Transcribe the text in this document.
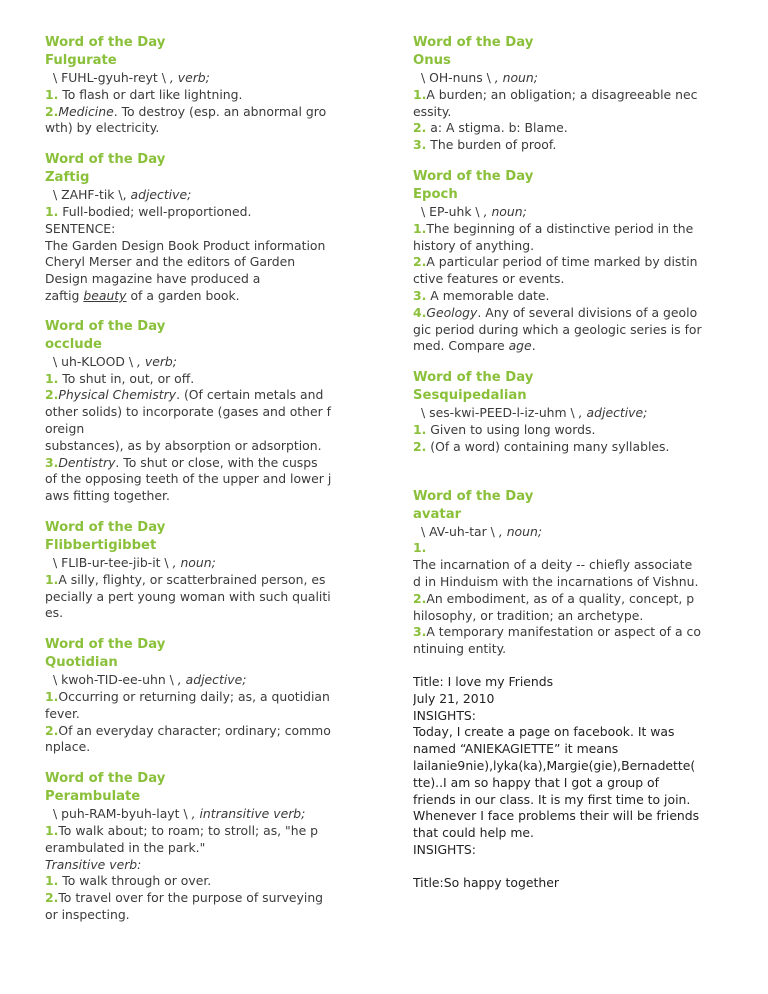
Word of the Day
Fulgurate
\ FUHL-gyuh-reyt \ , verb;
1. To flash or dart like lightning.
2.Medicine. To destroy (esp. an abnormal gro
wth) by electricity.
Word of the Day
Zaftig
\ ZAHF-tik \, adjective;
1. Full-bodied; well-proportioned.
SENTENCE:
The Garden Design Book Product information
Cheryl Merser and the editors of Garden
Design magazine have produced a
zaftig beauty of a garden book.
Word of the Day
occlude
\ uh-KLOOD \ , verb;
1. To shut in, out, or off.
2.Physical Chemistry. (Of certain metals and
other solids) to incorporate (gases and other f
oreign
substances), as by absorption or adsorption.
3.Dentistry. To shut or close, with the cusps
of the opposing teeth of the upper and lower j
aws fitting together.
Word of the Day
Flibbertigibbet
\ FLIB-ur-tee-jib-it \ , noun;
1.A silly, flighty, or scatterbrained person, es
pecially a pert young woman with such qualiti
es.
Word of the Day
Quotidian
\ kwoh-TID-ee-uhn \ , adjective;
1.Occurring or returning daily; as, a quotidian
fever.
2.Of an everyday character; ordinary; commo
nplace.
Word of the Day
Perambulate
\ puh-RAM-byuh-layt \ , intransitive verb;
1.To walk about; to roam; to stroll; as, "he p
erambulated in the park."
Transitive verb:
1. To walk through or over.
2.To travel over for the purpose of surveying
or inspecting.
Word of the Day
Onus
\ OH-nuns \ , noun;
1.A burden; an obligation; a disagreeable nec
essity.
2. a: A stigma. b: Blame.
3. The burden of proof.
Word of the Day
Epoch
\ EP-uhk \ , noun;
1.The beginning of a distinctive period in the
history of anything.
2.A particular period of time marked by distin
ctive features or events.
3. A memorable date.
4.Geology. Any of several divisions of a geolo
gic period during which a geologic series is for
med. Compare age.
Word of the Day
Sesquipedalian
\ ses-kwi-PEED-l-iz-uhm \ , adjective;
1. Given to using long words.
2. (Of a word) containing many syllables.
Word of the Day
avatar
\ AV-uh-tar \ , noun;
1.
The incarnation of a deity -- chiefly associate
d in Hinduism with the incarnations of Vishnu.
2.An embodiment, as of a quality, concept, p
hilosophy, or tradition; an archetype.
3.A temporary manifestation or aspect of a co
ntinuing entity.
Title: I love my Friends
July 21, 2010
INSIGHTS:
Today, I create a page on facebook. It was
named “ANIEKAGIETTE” it means
lailanie9nie),lyka(ka),Margie(gie),Bernadette(
tte)..I am so happy that I got a group of
friends in our class. It is my first time to join.
Whenever I face problems their will be friends
that could help me.
INSIGHTS:
Title:So happy together
